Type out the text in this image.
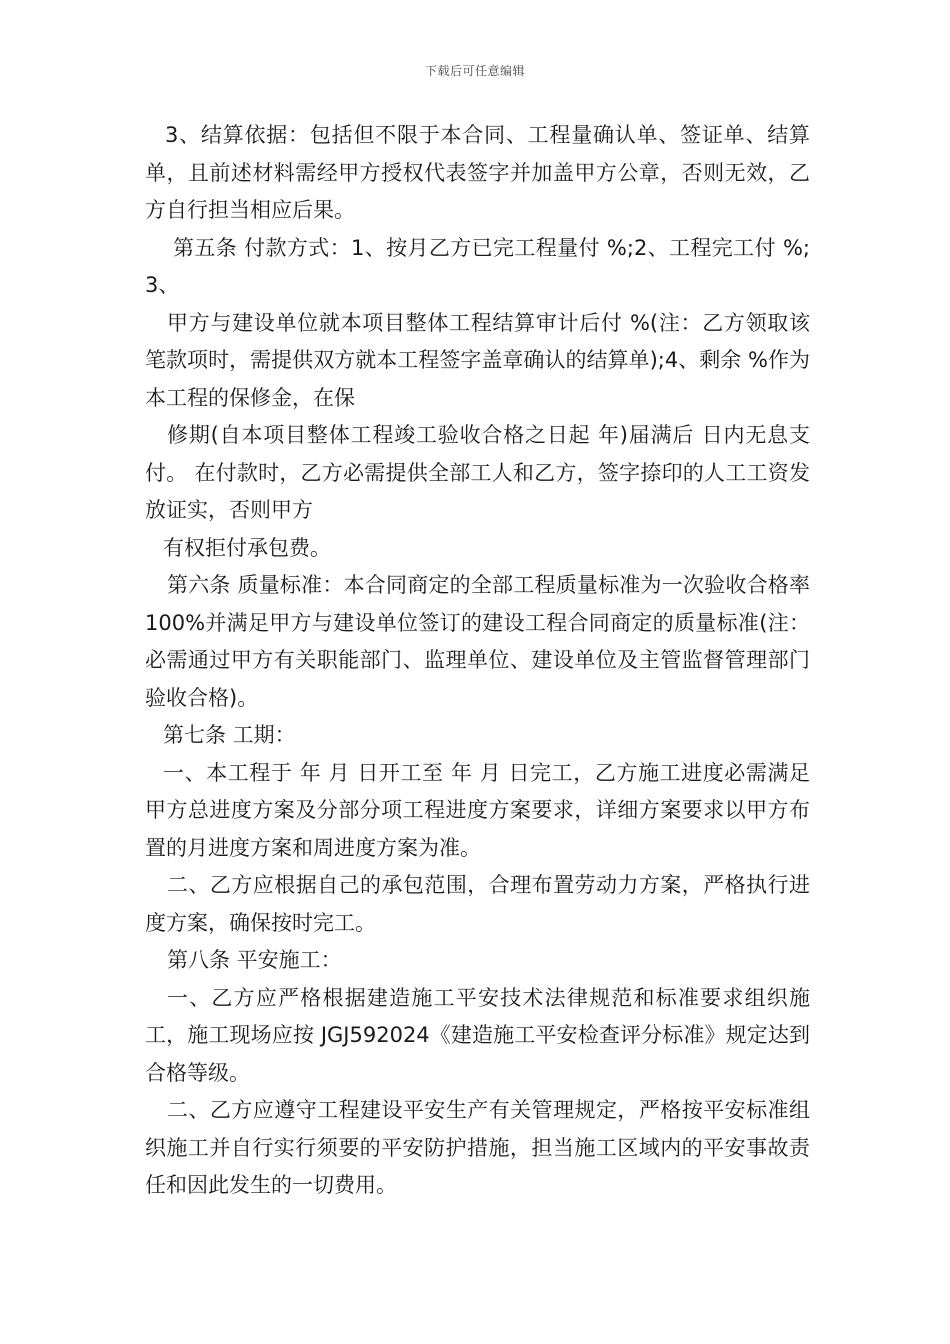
下载后可任意编辑

3、结算依据：包括但不限于本合同、工程量确认单、签证单、结算单，且前述材料需经甲方授权代表签字并加盖甲方公章，否则无效，乙方自行担当相应后果。

第五条 付款方式：1、按月乙方已完工程量付 %;2、工程完工付 %;3、

甲方与建设单位就本项目整体工程结算审计后付 %(注：乙方领取该笔款项时，需提供双方就本工程签字盖章确认的结算单);4、剩余 %作为本工程的保修金，在保

修期(自本项目整体工程竣工验收合格之日起 年)届满后 日内无息支付。 在付款时，乙方必需提供全部工人和乙方，签字捺印的人工工资发放证实，否则甲方

有权拒付承包费。

第六条 质量标准：本合同商定的全部工程质量标准为一次验收合格率 100%并满足甲方与建设单位签订的建设工程合同商定的质量标准(注：必需通过甲方有关职能部门、监理单位、建设单位及主管监督管理部门验收合格)。

第七条 工期：

一、本工程于 年 月 日开工至 年 月 日完工，乙方施工进度必需满足甲方总进度方案及分部分项工程进度方案要求，详细方案要求以甲方布置的月进度方案和周进度方案为准。

二、乙方应根据自己的承包范围，合理布置劳动力方案，严格执行进度方案，确保按时完工。

第八条 平安施工：

一、乙方应严格根据建造施工平安技术法律规范和标准要求组织施工，施工现场应按 JGJ592024《建造施工平安检查评分标准》规定达到合格等级。

二、乙方应遵守工程建设平安生产有关管理规定，严格按平安标准组织施工并自行实行须要的平安防护措施，担当施工区域内的平安事故责任和因此发生的一切费用。
